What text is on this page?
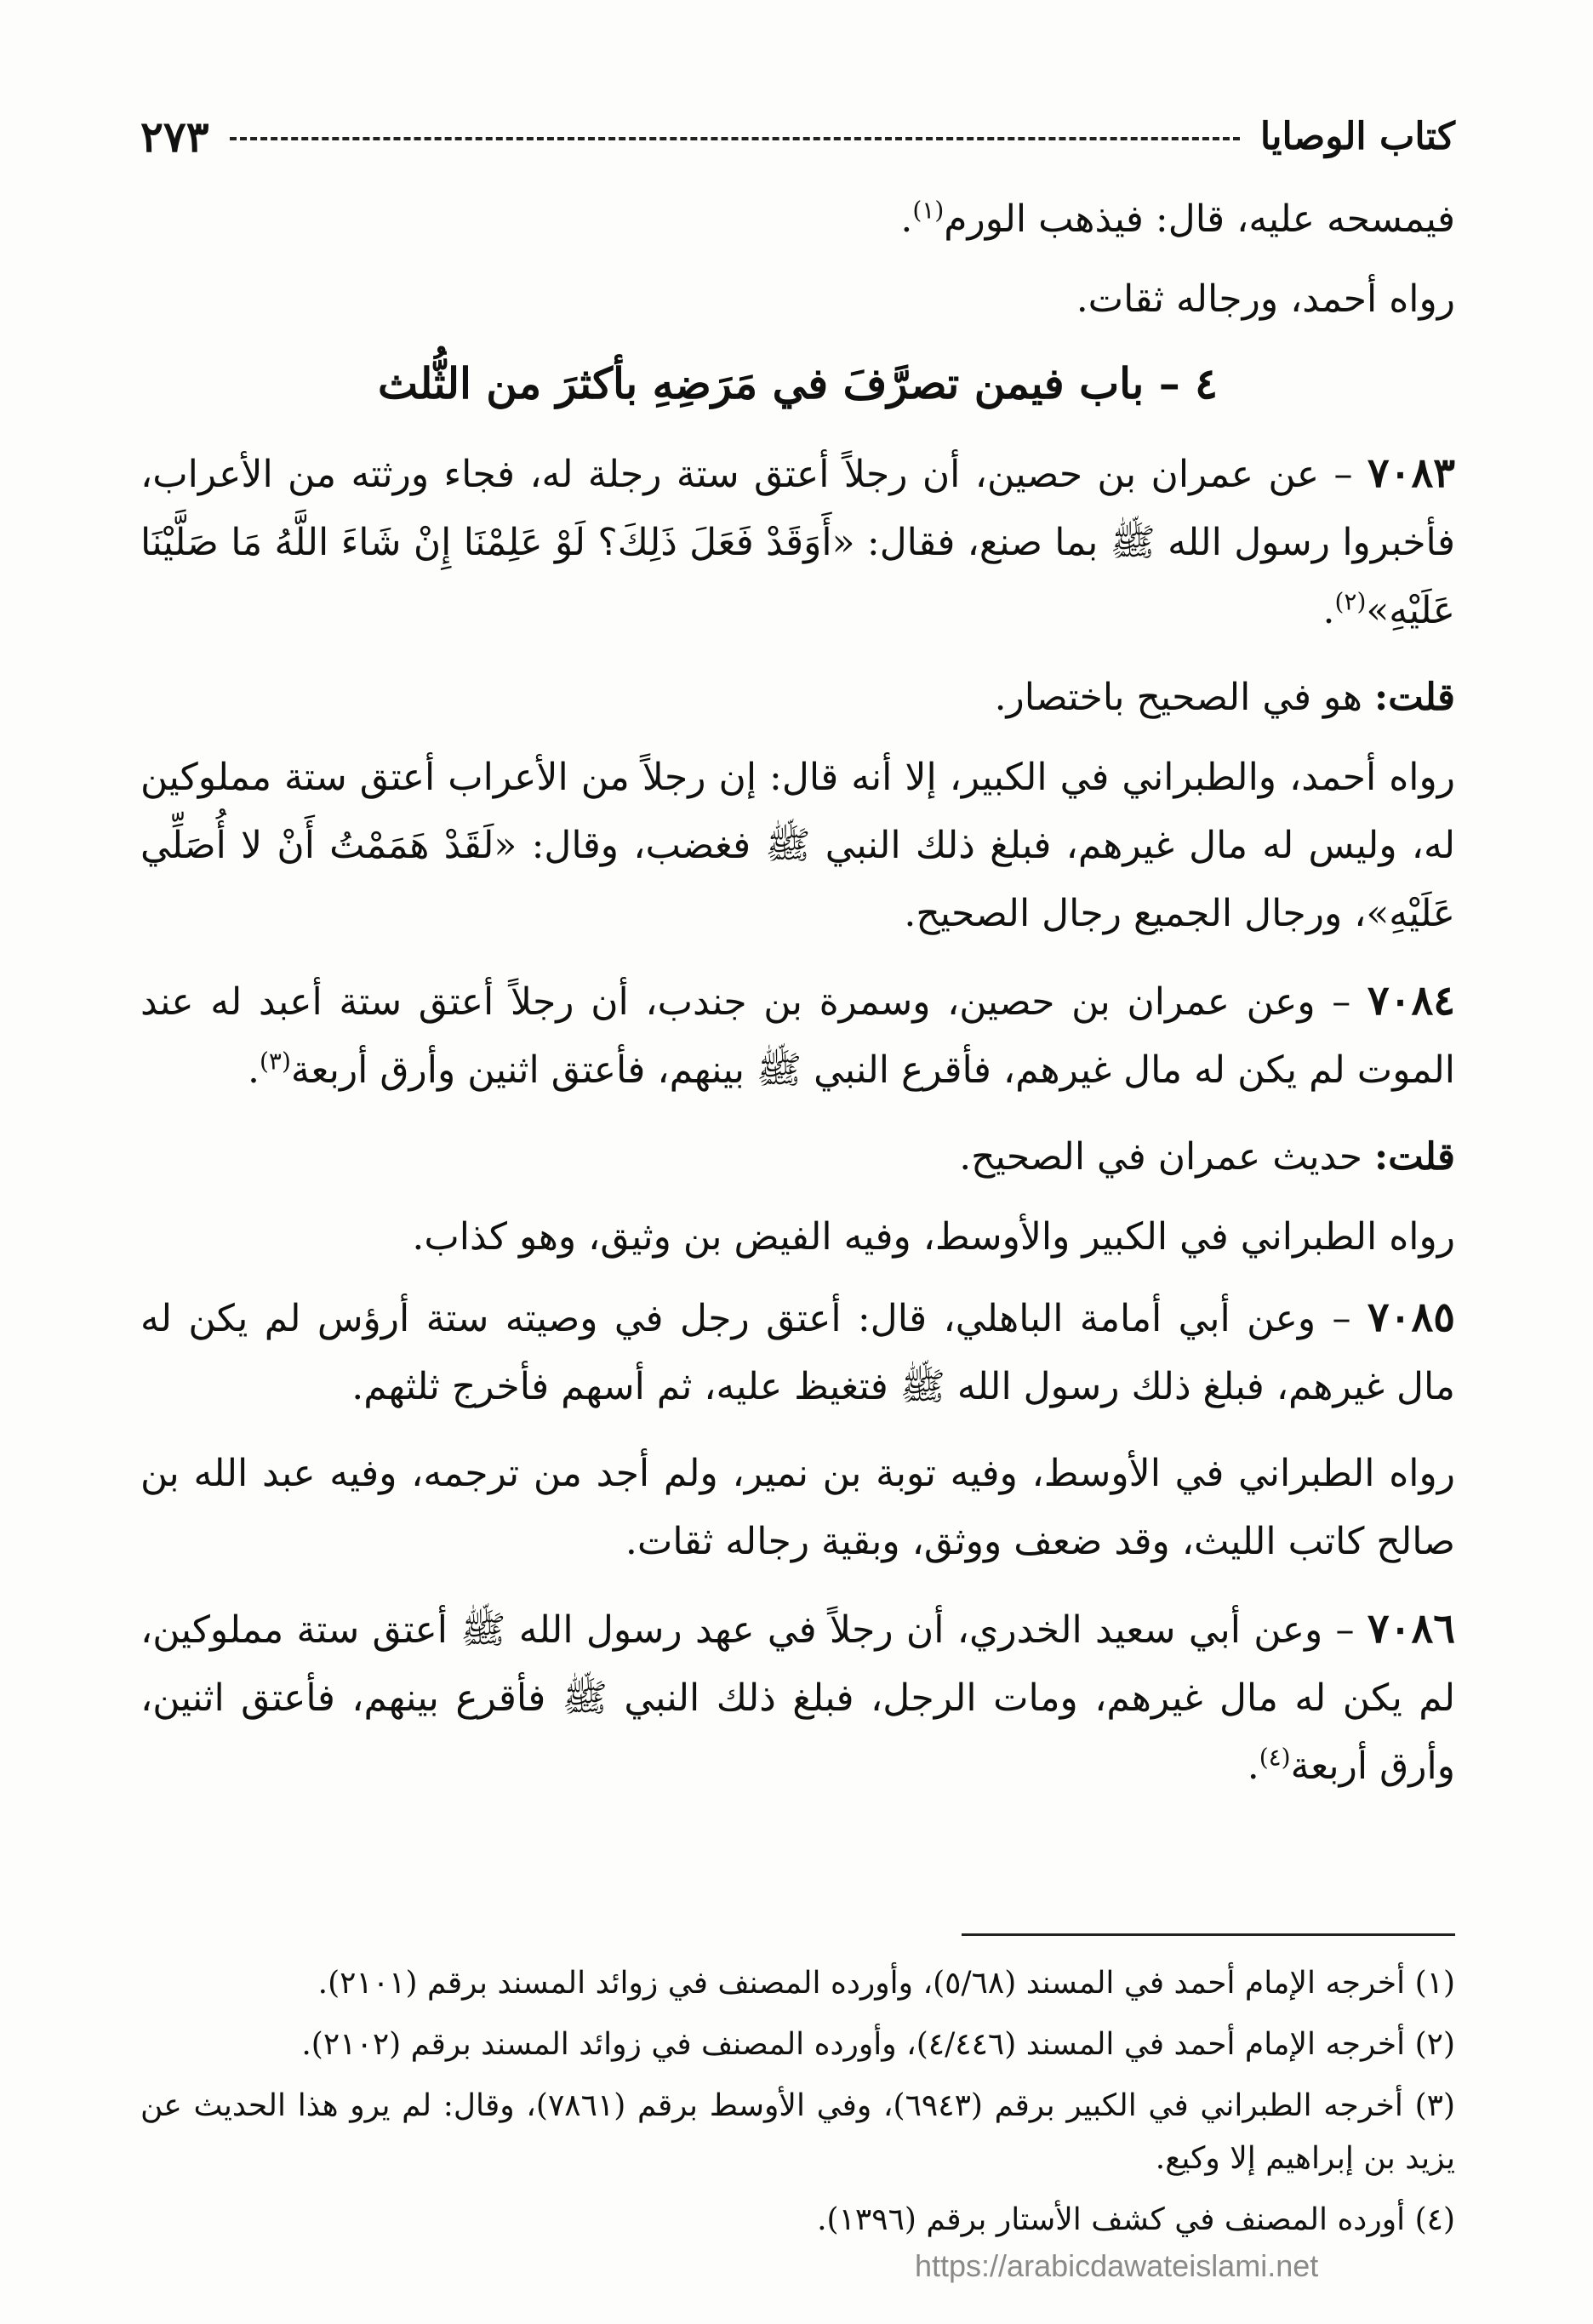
كتاب الوصايا
٢٧٣

فيمسحه عليه، قال: فيذهب الورم$^{(١)}$.

رواه أحمد، ورجاله ثقات.

٤ – باب فيمن تصرَّفَ في مَرَضِهِ بأكثرَ من الثُّلث

٧٠٨٣ – عن عمران بن حصين، أن رجلاً أعتق ستة رجلة له، فجاء ورثته من الأعراب، فأخبروا رسول الله ﷺ بما صنع، فقال: «أَوَقَدْ فَعَلَ ذَلِكَ؟ لَوْ عَلِمْنَا إِنْ شَاءَ اللَّهُ مَا صَلَّيْنَا عَلَيْهِ»$^{(٢)}$.

قلت: هو في الصحيح باختصار.

رواه أحمد، والطبراني في الكبير، إلا أنه قال: إن رجلاً من الأعراب أعتق ستة مملوكين له، وليس له مال غيرهم، فبلغ ذلك النبي ﷺ فغضب، وقال: «لَقَدْ هَمَمْتُ أَنْ لا أُصَلِّي عَلَيْهِ»، ورجال الجميع رجال الصحيح.

٧٠٨٤ – وعن عمران بن حصين، وسمرة بن جندب، أن رجلاً أعتق ستة أعبد له عند الموت لم يكن له مال غيرهم، فأقرع النبي ﷺ بينهم، فأعتق اثنين وأرق أربعة$^{(٣)}$.

قلت: حديث عمران في الصحيح.

رواه الطبراني في الكبير والأوسط، وفيه الفيض بن وثيق، وهو كذاب.

٧٠٨٥ – وعن أبي أمامة الباهلي، قال: أعتق رجل في وصيته ستة أرؤس لم يكن له مال غيرهم، فبلغ ذلك رسول الله ﷺ فتغيظ عليه، ثم أسهم فأخرج ثلثهم.

رواه الطبراني في الأوسط، وفيه توبة بن نمير، ولم أجد من ترجمه، وفيه عبد الله بن صالح كاتب الليث، وقد ضعف ووثق، وبقية رجاله ثقات.

٧٠٨٦ – وعن أبي سعيد الخدري، أن رجلاً في عهد رسول الله ﷺ أعتق ستة مملوكين، لم يكن له مال غيرهم، ومات الرجل، فبلغ ذلك النبي ﷺ فأقرع بينهم، فأعتق اثنين، وأرق أربعة$^{(٤)}$.

(١) أخرجه الإمام أحمد في المسند (٥/٦٨)، وأورده المصنف في زوائد المسند برقم (٢١٠١).

(٢) أخرجه الإمام أحمد في المسند (٤/٤٤٦)، وأورده المصنف في زوائد المسند برقم (٢١٠٢).

(٣) أخرجه الطبراني في الكبير برقم (٦٩٤٣)، وفي الأوسط برقم (٧٨٦١)، وقال: لم يرو هذا الحديث عن يزيد بن إبراهيم إلا وكيع.

(٤) أورده المصنف في كشف الأستار برقم (١٣٩٦).

https://arabicdawateislami.net
